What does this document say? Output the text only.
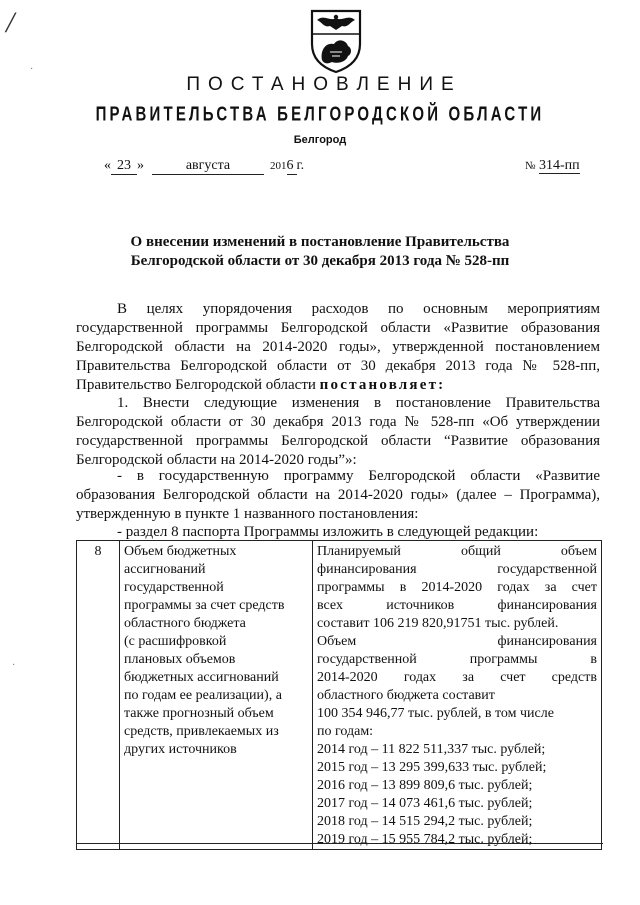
/
·
·
ПОСТАНОВЛЕНИЕ
ПРАВИТЕЛЬСТВА БЕЛГОРОДСКОЙ ОБЛАСТИ
Белгород
« 23 »	августа	2016 г.	№ 314-пп
О внесении изменений в постановление Правительства
Белгородской области от 30 декабря 2013 года № 528-пп
В целях упорядочения расходов по основным мероприятиям
государственной программы Белгородской области «Развитие образования
Белгородской области на 2014-2020 годы», утвержденной постановлением
Правительства Белгородской области от 30 декабря 2013 года № 528-пп,
Правительство Белгородской области постановляет:
1. Внести следующие изменения в постановление Правительства
Белгородской области от 30 декабря 2013 года № 528-пп «Об утверждении
государственной программы Белгородской области “Развитие образования
Белгородской области на 2014-2020 годы”»:
- в государственную программу Белгородской области «Развитие
образования Белгородской области на 2014-2020 годы» (далее – Программа),
утвержденную в пункте 1 названного постановления:
- раздел 8 паспорта Программы изложить в следующей редакции:
8	Объем бюджетных
ассигнований
государственной
программы за счет средств
областного бюджета
(с расшифровкой
плановых объемов
бюджетных ассигнований
по годам ее реализации), а
также прогнозный объем
средств, привлекаемых из
других источников

Планируемый общий объем
финансирования государственной
программы в 2014-2020 годах за счет
всех источников финансирования
составит 106 219 820,91751 тыс. рублей.
Объем финансирования
государственной программы в
2014-2020 годах за счет средств
областного бюджета составит
100 354 946,77 тыс. рублей, в том числе
по годам:
2014 год – 11 822 511,337 тыс. рублей;
2015 год – 13 295 399,633 тыс. рублей;
2016 год – 13 899 809,6 тыс. рублей;
2017 год – 14 073 461,6 тыс. рублей;
2018 год – 14 515 294,2 тыс. рублей;
2019 год – 15 955 784,2 тыс. рублей;
